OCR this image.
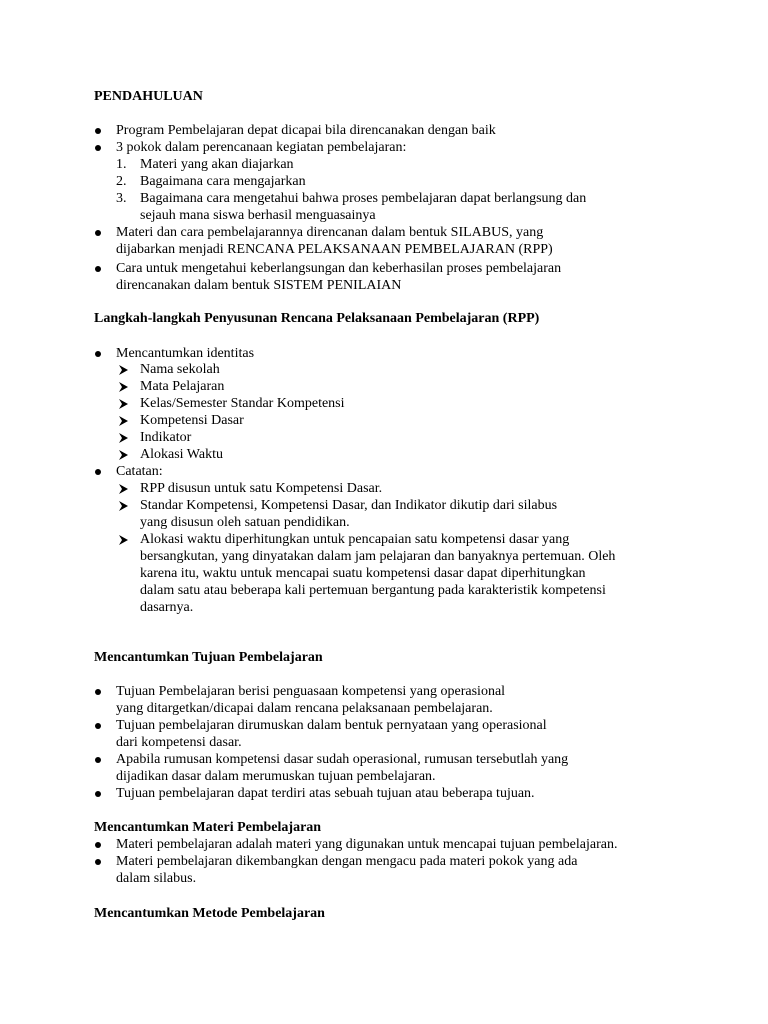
PENDAHULUAN
Program Pembelajaran depat dicapai bila direncanakan dengan baik
3 pokok dalam perencanaan kegiatan pembelajaran:
1. Materi yang akan diajarkan
2. Bagaimana cara mengajarkan
3. Bagaimana cara mengetahui bahwa proses pembelajaran dapat berlangsung dan
sejauh mana siswa berhasil menguasainya
Materi dan cara pembelajarannya direncanan dalam bentuk SILABUS, yang
dijabarkan menjadi RENCANA PELAKSANAAN PEMBELAJARAN (RPP)
Cara untuk mengetahui keberlangsungan dan keberhasilan proses pembelajaran
direncanakan dalam bentuk SISTEM PENILAIAN
Langkah-langkah Penyusunan Rencana Pelaksanaan Pembelajaran (RPP)
Mencantumkan identitas
Nama sekolah
Mata Pelajaran
Kelas/Semester Standar Kompetensi
Kompetensi Dasar
Indikator
Alokasi Waktu
Catatan:
RPP disusun untuk satu Kompetensi Dasar.
Standar Kompetensi, Kompetensi Dasar, dan Indikator dikutip dari silabus
yang disusun oleh satuan pendidikan.
Alokasi waktu diperhitungkan untuk pencapaian satu kompetensi dasar yang
bersangkutan, yang dinyatakan dalam jam pelajaran dan banyaknya pertemuan. Oleh
karena itu, waktu untuk mencapai suatu kompetensi dasar dapat diperhitungkan
dalam satu atau beberapa kali pertemuan bergantung pada karakteristik kompetensi
dasarnya.
Mencantumkan Tujuan Pembelajaran
Tujuan Pembelajaran berisi penguasaan kompetensi yang operasional
yang ditargetkan/dicapai dalam rencana pelaksanaan pembelajaran.
Tujuan pembelajaran dirumuskan dalam bentuk pernyataan yang operasional
dari kompetensi dasar.
Apabila rumusan kompetensi dasar sudah operasional, rumusan tersebutlah yang
dijadikan dasar dalam merumuskan tujuan pembelajaran.
Tujuan pembelajaran dapat terdiri atas sebuah tujuan atau beberapa tujuan.
Mencantumkan Materi Pembelajaran
Materi pembelajaran adalah materi yang digunakan untuk mencapai tujuan pembelajaran.
Materi pembelajaran dikembangkan dengan mengacu pada materi pokok yang ada
dalam silabus.
Mencantumkan Metode Pembelajaran
